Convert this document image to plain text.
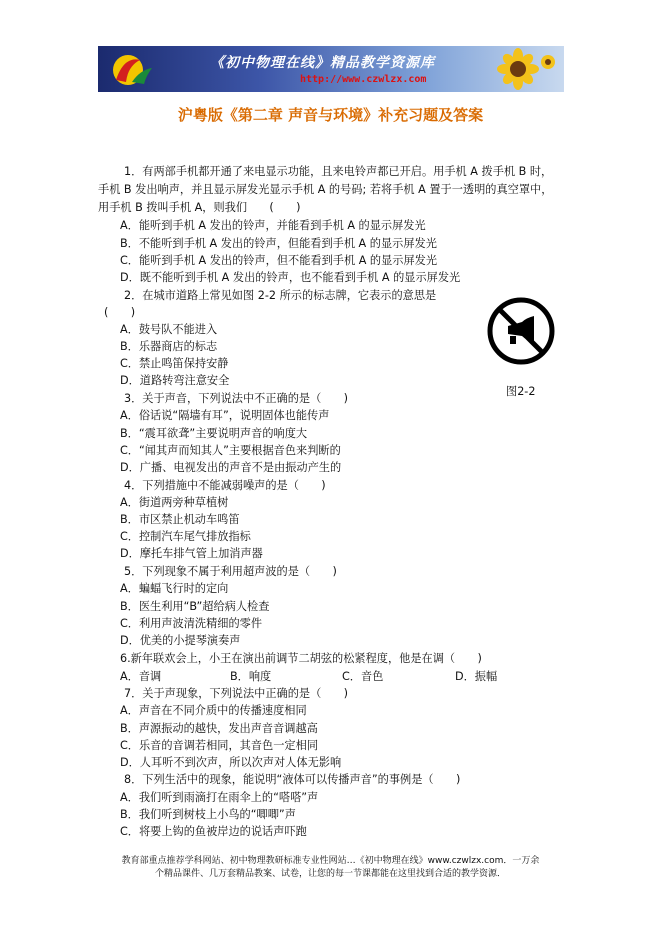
《初中物理在线》精品教学资源库
http://www.czwlzx.com
沪粤版《第二章 声音与环境》补充习题及答案
1．有两部手机都开通了来电显示功能，且来电铃声都已开启。用手机 A 拨手机 B 时，
手机 B 发出响声，并且显示屏发光显示手机 A 的号码; 若将手机 A 置于一透明的真空罩中，
用手机 B 拨叫手机 A，则我们　　(　　)
A．能听到手机 A 发出的铃声，并能看到手机 A 的显示屏发光
B．不能听到手机 A 发出的铃声，但能看到手机 A 的显示屏发光
C．能听到手机 A 发出的铃声，但不能看到手机 A 的显示屏发光
D．既不能听到手机 A 发出的铃声，也不能看到手机 A 的显示屏发光
2．在城市道路上常见如图 2-2 所示的标志牌，它表示的意思是
(　　)
A．鼓号队不能进入
B．乐器商店的标志
C．禁止鸣笛保持安静
D．道路转弯注意安全
3．关于声音，下列说法中不正确的是（　　)
A．俗话说“隔墙有耳”，说明固体也能传声
B．“震耳欲聋”主要说明声音的响度大
C．“闻其声而知其人”主要根据音色来判断的
D．广播、电视发出的声音不是由振动产生的
4．下列措施中不能减弱噪声的是（　　)
A．街道两旁种草植树
B．市区禁止机动车鸣笛
C．控制汽车尾气排放指标
D．摩托车排气管上加消声器
5．下列现象不属于利用超声波的是（　　)
A．蝙蝠飞行时的定向
B．医生利用“B”超给病人检查
C．利用声波清洗精细的零件
D．优美的小提琴演奏声
6.新年联欢会上，小王在演出前调节二胡弦的松紧程度，他是在调（　　)
A．音调	B．响度	C．音色	D．振幅
7．关于声现象，下列说法中正确的是（　　)
A．声音在不同介质中的传播速度相同
B．声源振动的越快，发出声音音调越高
C．乐音的音调若相同，其音色一定相同
D．人耳听不到次声，所以次声对人体无影响
8．下列生活中的现象，能说明“液体可以传播声音”的事例是（　　)
A．我们听到雨滴打在雨伞上的“嗒嗒”声
B．我们听到树枝上小鸟的“唧唧”声
C．将要上钩的鱼被岸边的说话声吓跑
图2-2
教育部重点推荐学科网站、初中物理教研标准专业性网站…《初中物理在线》www.czwlzx.com．一万余
个精品课件、几万套精品教案、试卷，让您的每一节课都能在这里找到合适的教学资源．
